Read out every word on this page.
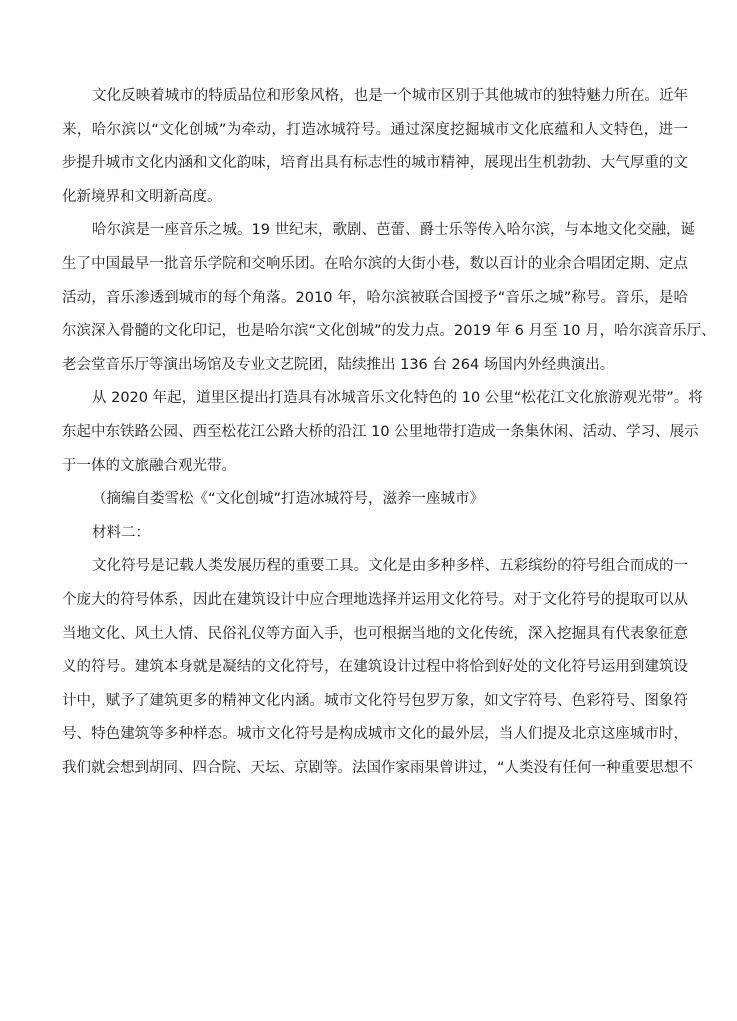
文化反映着城市的特质品位和形象风格，也是一个城市区别于其他城市的独特魅力所在。近年
来，哈尔滨以“文化创城”为牵动，打造冰城符号。通过深度挖掘城市文化底蕴和人文特色，进一
步提升城市文化内涵和文化韵味，培育出具有标志性的城市精神，展现出生机勃勃、大气厚重的文
化新境界和文明新高度。
哈尔滨是一座音乐之城。19 世纪末，歌剧、芭蕾、爵士乐等传入哈尔滨，与本地文化交融，诞
生了中国最早一批音乐学院和交响乐团。在哈尔滨的大街小巷，数以百计的业余合唱团定期、定点
活动，音乐渗透到城市的每个角落。2010 年，哈尔滨被联合国授予“音乐之城”称号。音乐，是哈
尔滨深入骨髓的文化印记，也是哈尔滨“文化创城”的发力点。2019 年 6 月至 10 月，哈尔滨音乐厅、
老会堂音乐厅等演出场馆及专业文艺院团，陆续推出 136 台 264 场国内外经典演出。
从 2020 年起，道里区提出打造具有冰城音乐文化特色的 10 公里“松花江文化旅游观光带”。将
东起中东铁路公园、西至松花江公路大桥的沿江 10 公里地带打造成一条集休闲、活动、学习、展示
于一体的文旅融合观光带。
（摘编自娄雪松《“文化创城”打造冰城符号，滋养一座城市》
材料二：
文化符号是记载人类发展历程的重要工具。文化是由多种多样、五彩缤纷的符号组合而成的一
个庞大的符号体系，因此在建筑设计中应合理地选择并运用文化符号。对于文化符号的提取可以从
当地文化、风土人情、民俗礼仪等方面入手，也可根据当地的文化传统，深入挖掘具有代表象征意
义的符号。建筑本身就是凝结的文化符号，在建筑设计过程中将恰到好处的文化符号运用到建筑设
计中，赋予了建筑更多的精神文化内涵。城市文化符号包罗万象，如文字符号、色彩符号、图象符
号、特色建筑等多种样态。城市文化符号是构成城市文化的最外层，当人们提及北京这座城市时，
我们就会想到胡同、四合院、天坛、京剧等。法国作家雨果曾讲过，“人类没有任何一种重要思想不
